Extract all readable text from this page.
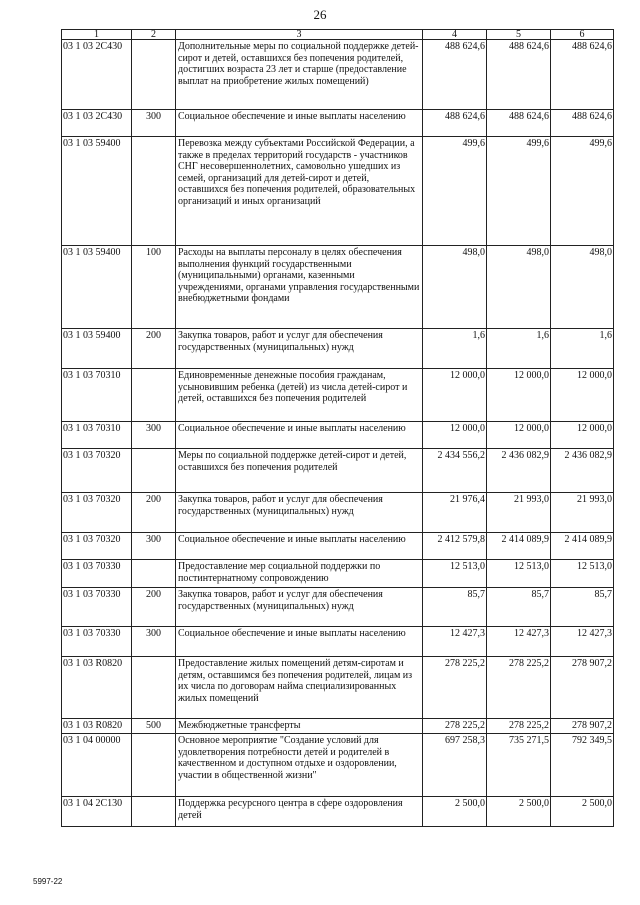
26
1	2	3	4	5	6
03 1 03 2С430		Дополнительные меры по социальной поддержке детей-сирот и детей, оставшихся без попечения родителей, достигших возраста 23 лет и старше (предоставление выплат на приобретение жилых помещений)	488 624,6	488 624,6	488 624,6
03 1 03 2С430	300	Социальное обеспечение и иные выплаты населению	488 624,6	488 624,6	488 624,6
03 1 03 59400		Перевозка между субъектами Российской Федерации, а также в пределах территорий государств - участников СНГ несовершеннолетних, самовольно ушедших из семей, организаций для детей-сирот и детей, оставшихся без попечения родителей, образовательных организаций и иных организаций	499,6	499,6	499,6
03 1 03 59400	100	Расходы на выплаты персоналу в целях обеспечения выполнения функций государственными (муниципальными) органами, казенными учреждениями, органами управления государственными внебюджетными фондами	498,0	498,0	498,0
03 1 03 59400	200	Закупка товаров, работ и услуг для обеспечения государственных (муниципальных) нужд	1,6	1,6	1,6
03 1 03 70310		Единовременные денежные пособия гражданам, усыновившим ребенка (детей) из числа детей-сирот и детей, оставшихся без попечения родителей	12 000,0	12 000,0	12 000,0
03 1 03 70310	300	Социальное обеспечение и иные выплаты населению	12 000,0	12 000,0	12 000,0
03 1 03 70320		Меры по социальной поддержке детей-сирот и детей, оставшихся без попечения родителей	2 434 556,2	2 436 082,9	2 436 082,9
03 1 03 70320	200	Закупка товаров, работ и услуг для обеспечения государственных (муниципальных) нужд	21 976,4	21 993,0	21 993,0
03 1 03 70320	300	Социальное обеспечение и иные выплаты населению	2 412 579,8	2 414 089,9	2 414 089,9
03 1 03 70330		Предоставление мер социальной поддержки по постинтернатному сопровождению	12 513,0	12 513,0	12 513,0
03 1 03 70330	200	Закупка товаров, работ и услуг для обеспечения государственных (муниципальных) нужд	85,7	85,7	85,7
03 1 03 70330	300	Социальное обеспечение и иные выплаты населению	12 427,3	12 427,3	12 427,3
03 1 03 R0820		Предоставление жилых помещений детям-сиротам и детям, оставшимся без попечения родителей, лицам из их числа по договорам найма специализированных жилых помещений	278 225,2	278 225,2	278 907,2
03 1 03 R0820	500	Межбюджетные трансферты	278 225,2	278 225,2	278 907,2
03 1 04 00000		Основное мероприятие "Создание условий для удовлетворения потребности детей и родителей в качественном и доступном отдыхе и оздоровлении, участии в общественной жизни"	697 258,3	735 271,5	792 349,5
03 1 04 2С130		Поддержка ресурсного центра в сфере оздоровления детей	2 500,0	2 500,0	2 500,0
5997-22
